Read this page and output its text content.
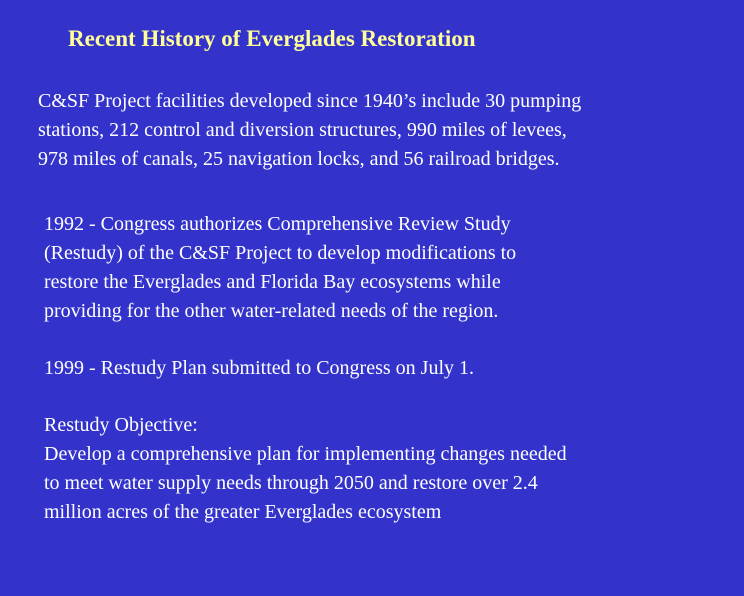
Recent History of Everglades Restoration
C&SF Project facilities developed since 1940’s include 30 pumping
stations, 212 control and diversion structures, 990 miles of levees,
978 miles of canals, 25 navigation locks, and 56 railroad bridges.
1992 - Congress authorizes Comprehensive Review Study
(Restudy) of the C&SF Project to develop modifications to
restore the Everglades and Florida Bay ecosystems while
providing for the other water-related needs of the region.
1999 - Restudy Plan submitted to Congress on July 1.
Restudy Objective:
Develop a comprehensive plan for implementing changes needed
to meet water supply needs through 2050 and restore over 2.4
million acres of the greater Everglades ecosystem
